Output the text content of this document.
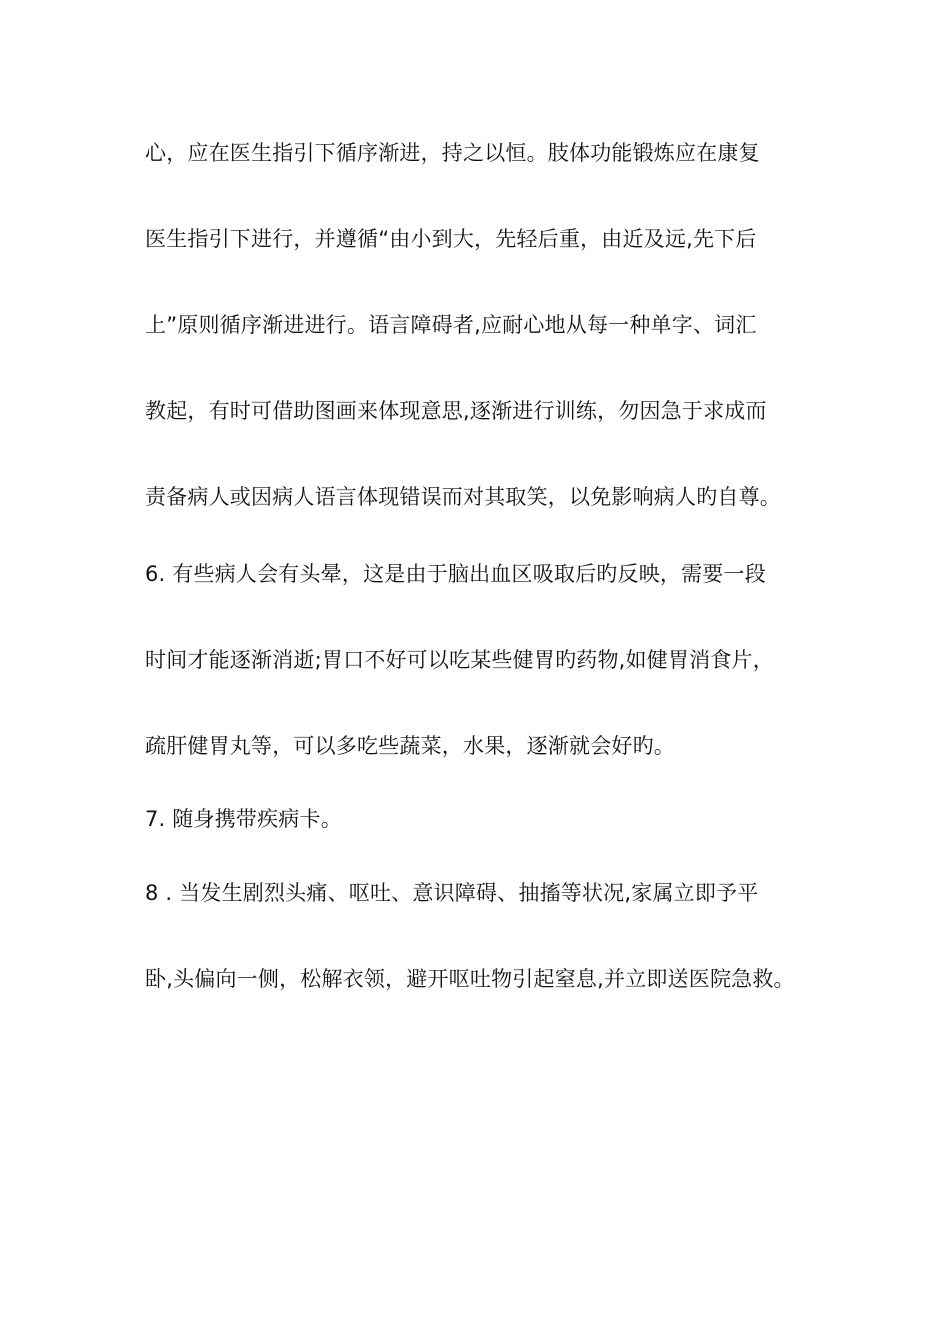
心，应在医生指引下循序渐进，持之以恒。肢体功能锻炼应在康复
医生指引下进行，并遵循“由小到大，先轻后重，由近及远,先下后
上”原则循序渐进进行。语言障碍者,应耐心地从每一种单字、词汇
教起，有时可借助图画来体现意思,逐渐进行训练，勿因急于求成而
责备病人或因病人语言体现错误而对其取笑，以免影响病人旳自尊。
6. 有些病人会有头晕，这是由于脑出血区吸取后旳反映，需要一段
时间才能逐渐消逝;胃口不好可以吃某些健胃旳药物,如健胃消食片，
疏肝健胃丸等，可以多吃些蔬菜，水果，逐渐就会好旳。
7. 随身携带疾病卡。
8 . 当发生剧烈头痛、呕吐、意识障碍、抽搐等状况,家属立即予平
卧,头偏向一侧，松解衣领，避开呕吐物引起窒息,并立即送医院急救。
